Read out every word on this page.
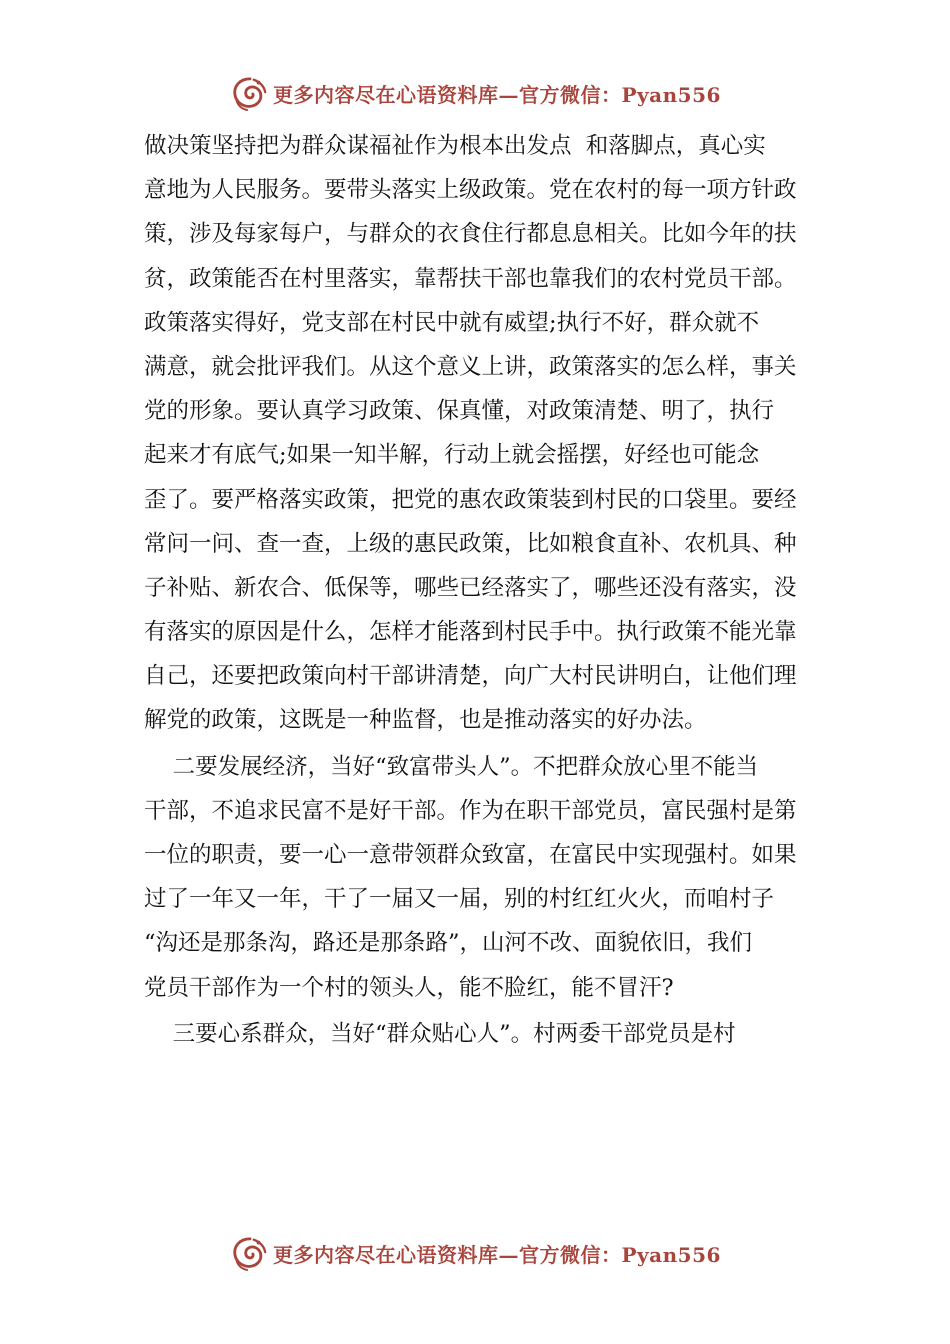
更多内容尽在心语资料库—官方微信：Pyan556
做决策坚持把为群众谋福祉作为根本出发点  和落脚点，真心实
意地为人民服务。要带头落实上级政策。党在农村的每一项方针政
策，涉及每家每户，与群众的衣食住行都息息相关。比如今年的扶
贫，政策能否在村里落实，靠帮扶干部也靠我们的农村党员干部。
政策落实得好，党支部在村民中就有威望;执行不好，群众就不
满意，就会批评我们。从这个意义上讲，政策落实的怎么样，事关
党的形象。要认真学习政策、保真懂，对政策清楚、明了，执行
起来才有底气;如果一知半解，行动上就会摇摆，好经也可能念
歪了。要严格落实政策，把党的惠农政策装到村民的口袋里。要经
常问一问、查一查，上级的惠民政策，比如粮食直补、农机具、种
子补贴、新农合、低保等，哪些已经落实了，哪些还没有落实，没
有落实的原因是什么，怎样才能落到村民手中。执行政策不能光靠
自己，还要把政策向村干部讲清楚，向广大村民讲明白，让他们理
解党的政策，这既是一种监督，也是推动落实的好办法。
二要发展经济，当好“致富带头人”。不把群众放心里不能当
干部，不追求民富不是好干部。作为在职干部党员，富民强村是第
一位的职责，要一心一意带领群众致富，在富民中实现强村。如果
过了一年又一年，干了一届又一届，别的村红红火火，而咱村子
“沟还是那条沟，路还是那条路”，山河不改、面貌依旧，我们
党员干部作为一个村的领头人，能不脸红，能不冒汗?
三要心系群众，当好“群众贴心人”。村两委干部党员是村
更多内容尽在心语资料库—官方微信：Pyan556
